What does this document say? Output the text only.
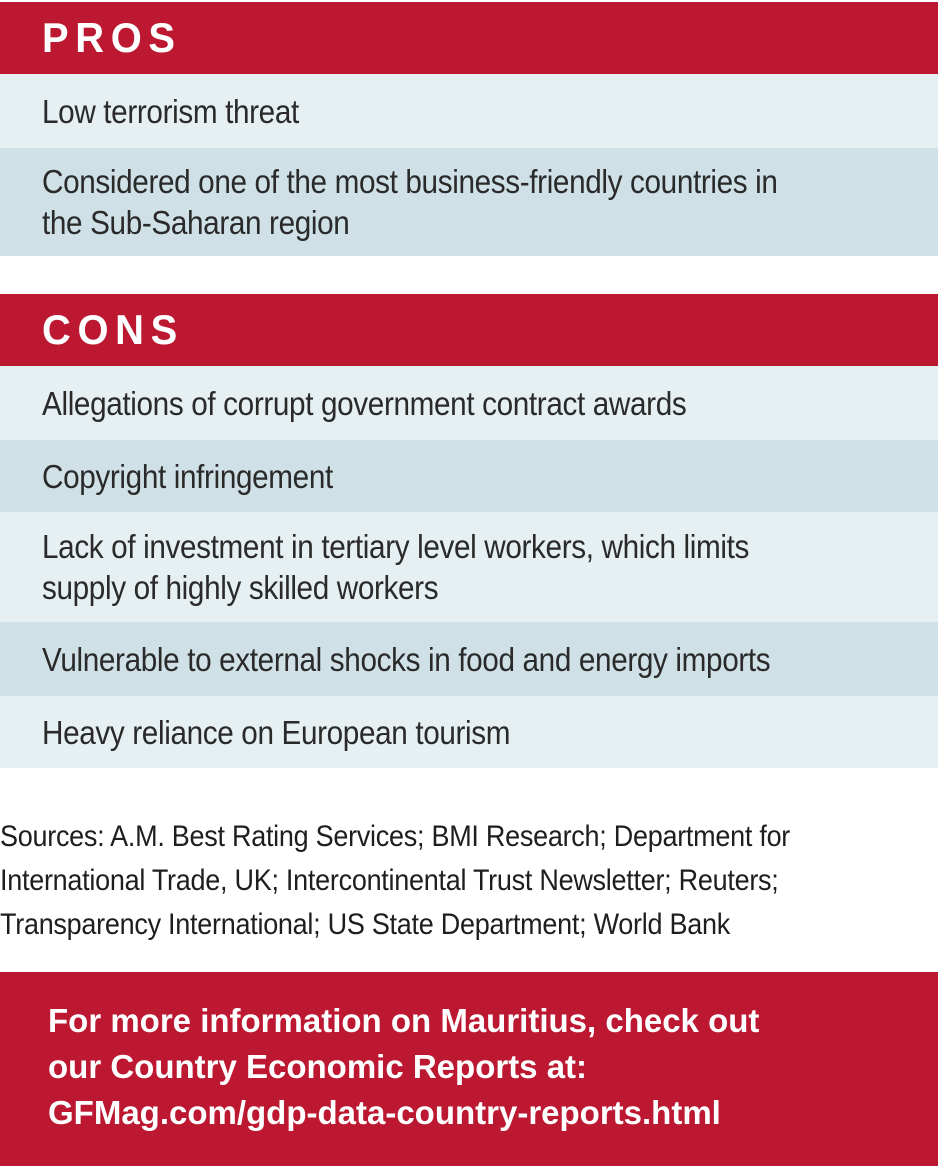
PROS
Low terrorism threat
Considered one of the most business-friendly countries in
the Sub-Saharan region
CONS
Allegations of corrupt government contract awards
Copyright infringement
Lack of investment in tertiary level workers, which limits
supply of highly skilled workers
Vulnerable to external shocks in food and energy imports
Heavy reliance on European tourism
Sources: A.M. Best Rating Services; BMI Research; Department for
International Trade, UK; Intercontinental Trust Newsletter; Reuters;
Transparency International; US State Department; World Bank
For more information on Mauritius, check out
our Country Economic Reports at:
GFMag.com/gdp-data-country-reports.html
